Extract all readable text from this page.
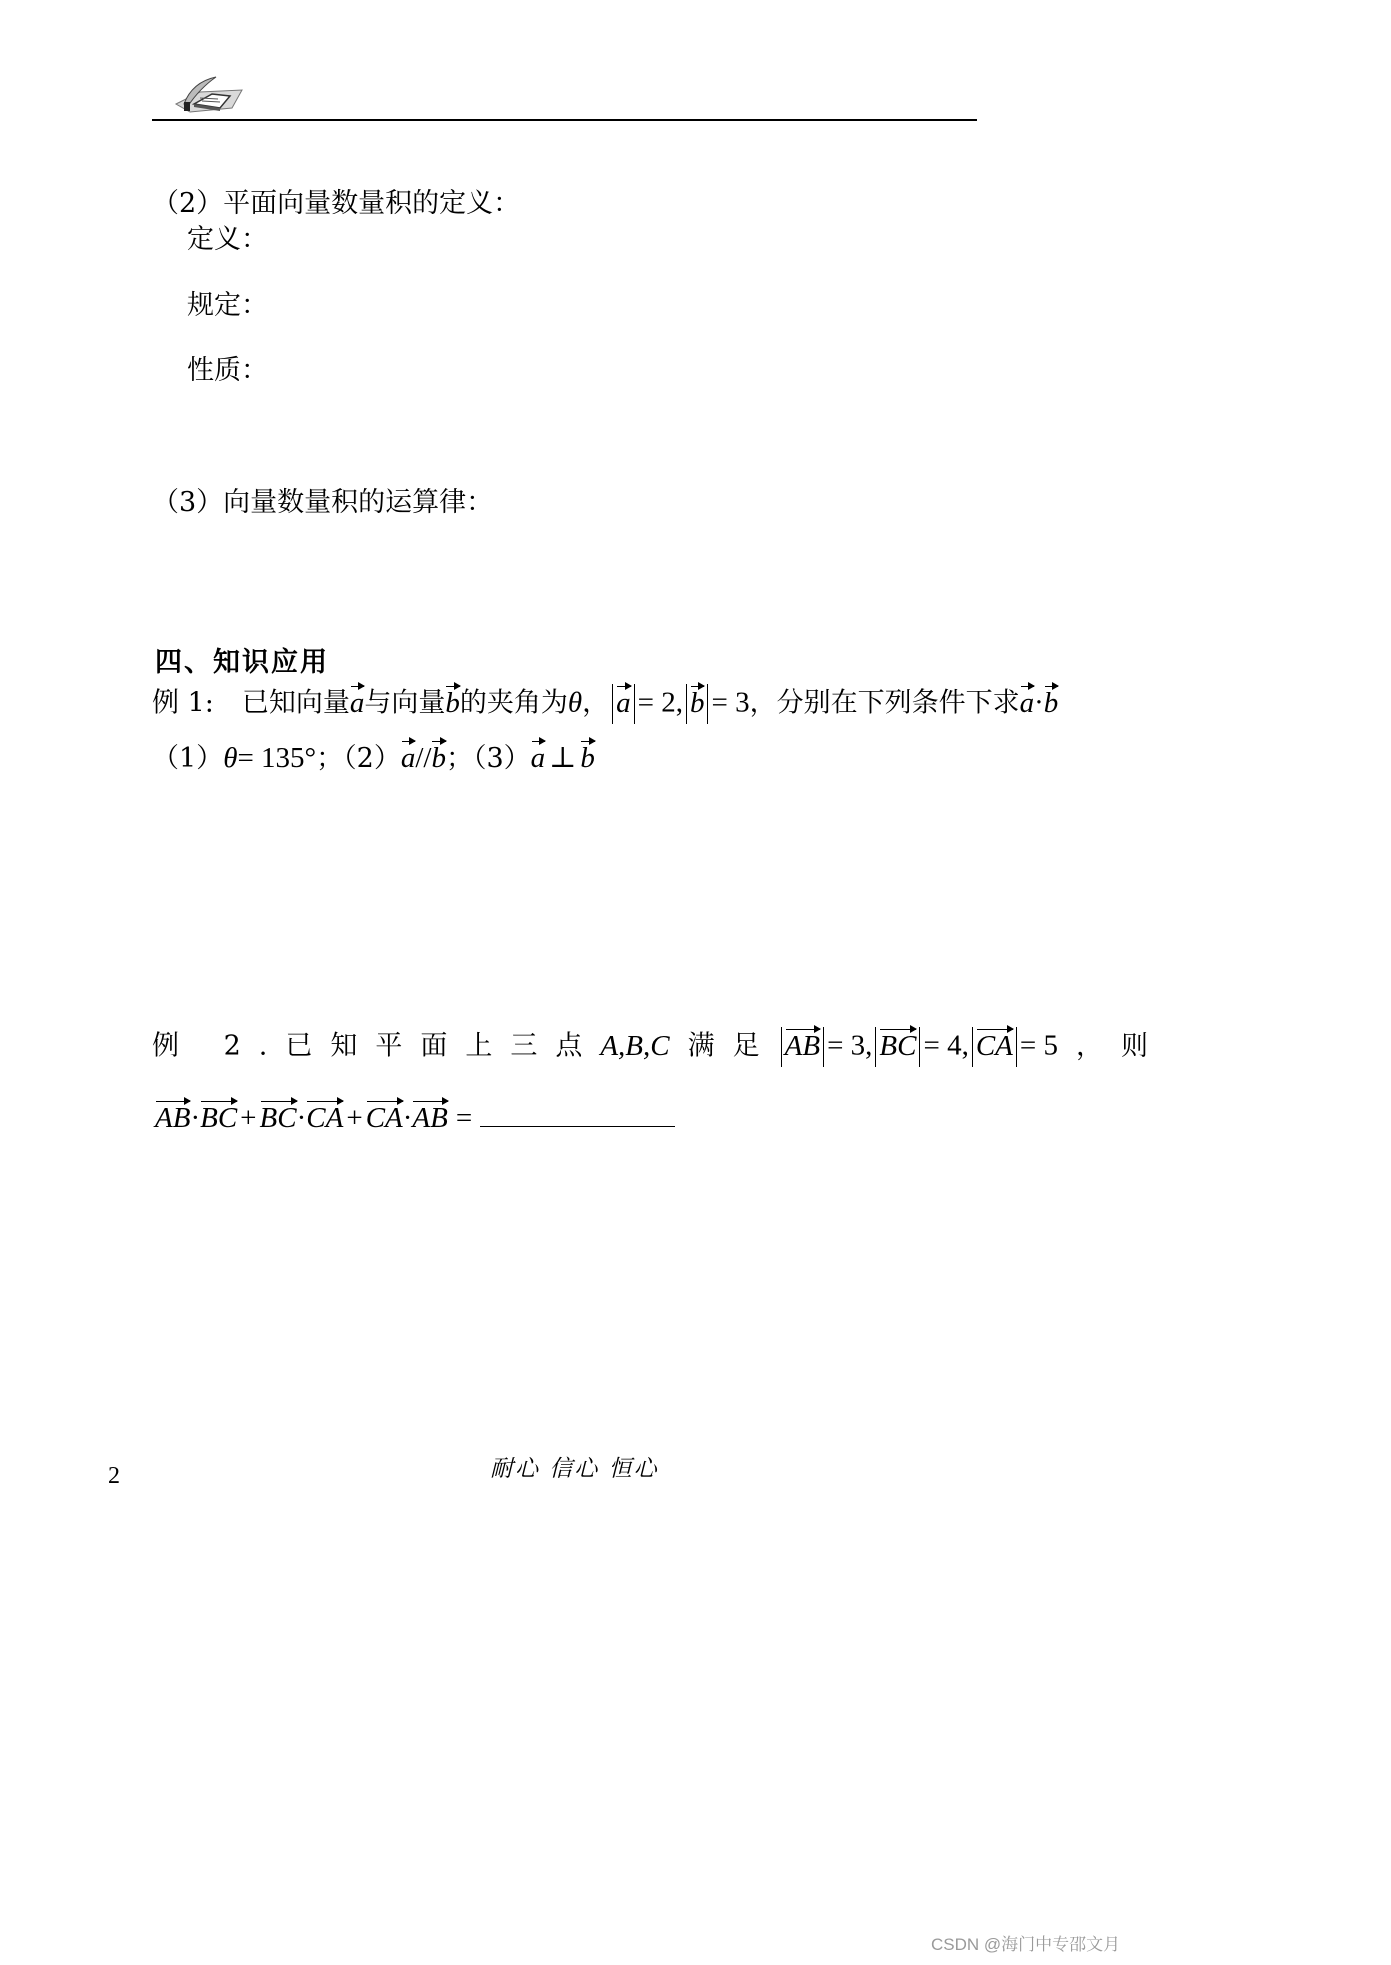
（2）平面向量数量积的定义：
定义：
规定：
性质：
（3）向量数量积的运算律：
四、知识应用
例 1: 已知向量a与向量b的夹角为θ， a = 2, b = 3，分别在下列条件下求a·b
（1）θ= 135°；（2）a//b；（3）a ⊥ b
例 2.已知平面上三点A,B,C 满足 AB = 3, BC = 4, CA = 5 ，则
AB·BC + BC·CA + CA·AB =
2	耐心 信心 恒心
CSDN @海门中专邵文月
